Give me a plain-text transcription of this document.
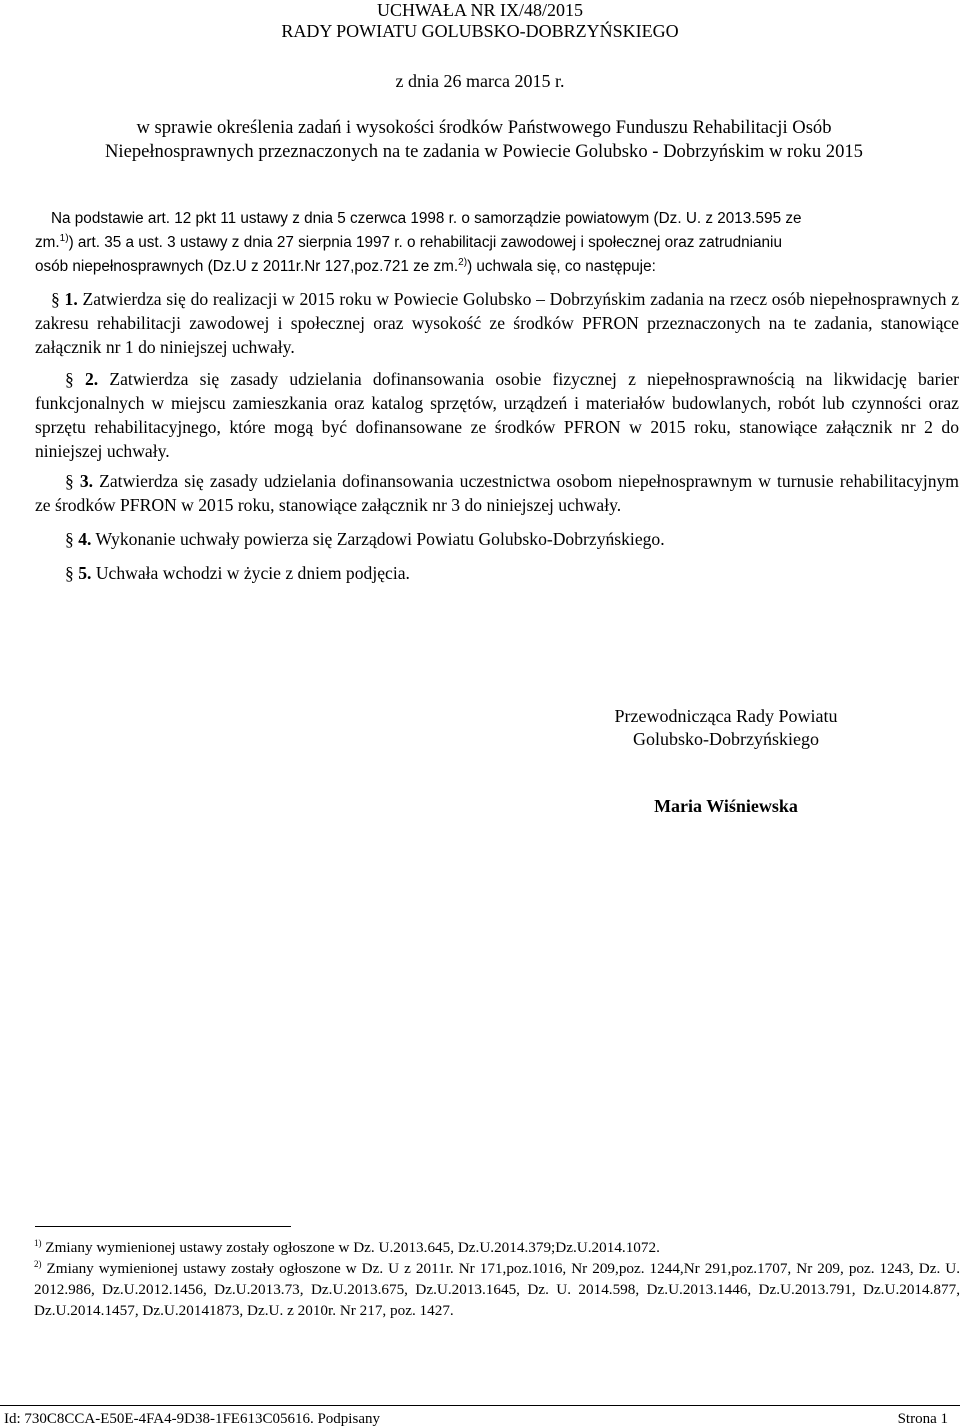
UCHWAŁA NR IX/48/2015
RADY POWIATU GOLUBSKO-DOBRZYŃSKIEGO
z dnia 26 marca 2015 r.
w sprawie określenia zadań i wysokości środków Państwowego Funduszu Rehabilitacji Osób
Niepełnosprawnych przeznaczonych na te zadania w Powiecie Golubsko - Dobrzyńskim w roku 2015
Na podstawie art. 12 pkt 11 ustawy z dnia 5 czerwca 1998 r. o samorządzie powiatowym (Dz. U. z 2013.595 ze
zm.$^{1)}$) art. 35 a ust. 3 ustawy z dnia 27 sierpnia 1997 r. o rehabilitacji zawodowej i społecznej oraz zatrudnianiu
osób niepełnosprawnych (Dz.U z 2011r.Nr 127,poz.721 ze zm.$^{2)}$) uchwala się, co następuje:

§ 1. Zatwierdza się do realizacji w 2015 roku w Powiecie Golubsko – Dobrzyńskim zadania na rzecz osób niepełnosprawnych z zakresu rehabilitacji zawodowej i społecznej oraz wysokość ze środków PFRON przeznaczonych na te zadania, stanowiące załącznik nr 1 do niniejszej uchwały.

§ 2. Zatwierdza się zasady udzielania dofinansowania osobie fizycznej z niepełnosprawnością na likwidację barier funkcjonalnych w miejscu zamieszkania oraz katalog sprzętów, urządzeń i materiałów budowlanych, robót lub czynności oraz sprzętu rehabilitacyjnego, które mogą być dofinansowane ze środków PFRON w 2015 roku, stanowiące załącznik nr 2 do niniejszej uchwały.

§ 3. Zatwierdza się zasady udzielania dofinansowania uczestnictwa osobom niepełnosprawnym w turnusie rehabilitacyjnym ze środków PFRON w 2015 roku, stanowiące załącznik nr 3 do niniejszej uchwały.

§ 4. Wykonanie uchwały powierza się Zarządowi Powiatu Golubsko-Dobrzyńskiego.

§ 5. Uchwała wchodzi w życie z dniem podjęcia.

Przewodnicząca Rady Powiatu
Golubsko-Dobrzyńskiego
Maria Wiśniewska
$^{1)}$ Zmiany wymienionej ustawy zostały ogłoszone w Dz. U.2013.645, Dz.U.2014.379;Dz.U.2014.1072.
$^{2)}$ Zmiany wymienionej ustawy zostały ogłoszone w Dz. U z 2011r. Nr 171,poz.1016, Nr 209,poz. 1244,Nr 291,poz.1707, Nr 209, poz. 1243, Dz. U. 2012.986, Dz.U.2012.1456, Dz.U.2013.73, Dz.U.2013.675, Dz.U.2013.1645, Dz. U. 2014.598, Dz.U.2013.1446, Dz.U.2013.791, Dz.U.2014.877, Dz.U.2014.1457, Dz.U.20141873, Dz.U. z 2010r. Nr 217, poz. 1427.
Id: 730C8CCA-E50E-4FA4-9D38-1FE613C05616. Podpisany	Strona 1
